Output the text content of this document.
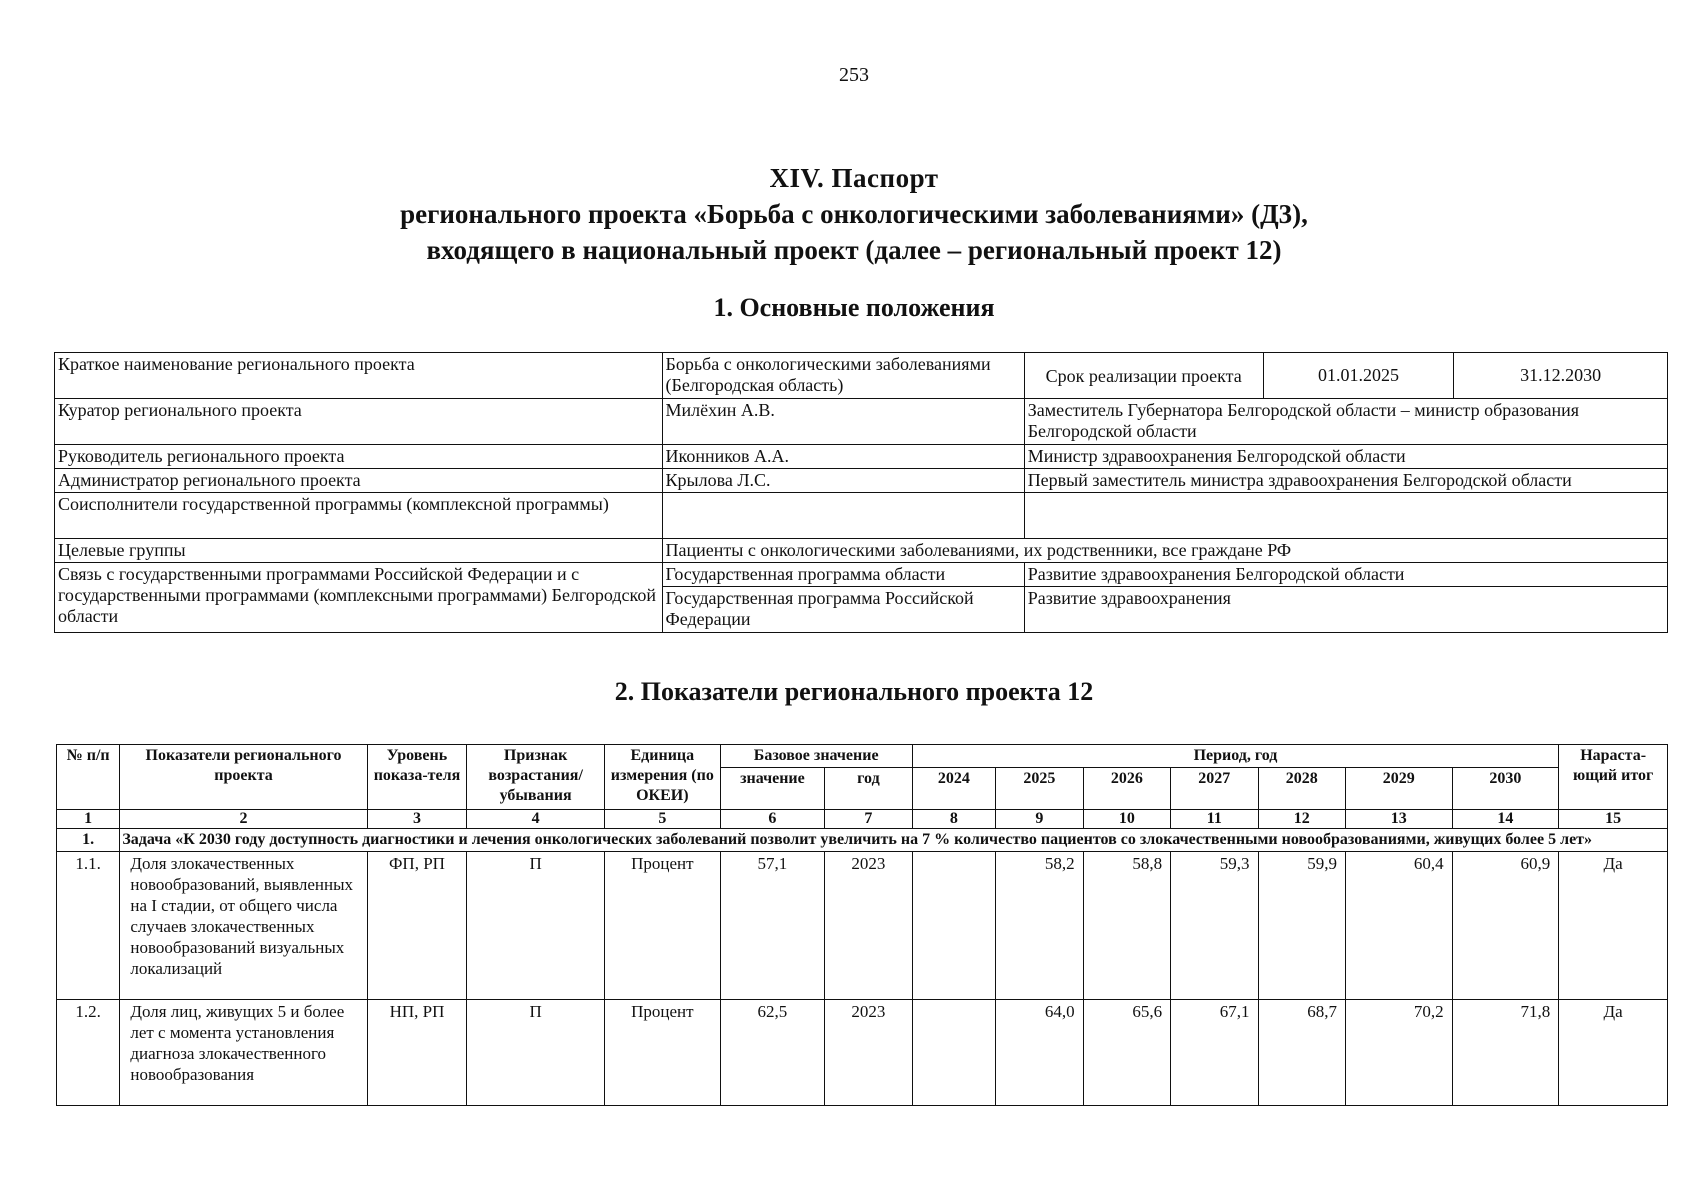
253
XIV. Паспорт
регионального проекта «Борьба с онкологическими заболеваниями» (Д3),
входящего в национальный проект (далее – региональный проект 12)
1. Основные положения
Краткое наименование регионального проекта	Борьба с онкологическими заболеваниями (Белгородская область)	Срок реализации проекта	01.01.2025	31.12.2030
Куратор регионального проекта	Милёхин А.В.	Заместитель Губернатора Белгородской области – министр образования Белгородской области		
Руководитель регионального проекта	Иконников А.А.	Министр здравоохранения Белгородской области		
Администратор регионального проекта	Крылова Л.С.	Первый заместитель министра здравоохранения Белгородской области		
Соисполнители государственной программы (комплексной программы)				
Целевые группы	Пациенты с онкологическими заболеваниями, их родственники, все граждане РФ			
Связь с государственными программами Российской Федерации и с государственными программами (комплексными программами) Белгородской области	Государственная программа области	Развитие здравоохранения Белгородской области		
	Государственная программа Российской Федерации	Развитие здравоохранения		
2. Показатели регионального проекта 12
№ п/п	Показатели регионального проекта	Уровень показа-теля	Признак возрастания/ убывания	Единица измерения (по ОКЕИ)	Базовое значение		Период, год							Нараста-ющий итог
					значение	год	2024	2025	2026	2027	2028	2029	2030	
1	2	3	4	5	6	7	8	9	10	11	12	13	14	15
1.	Задача «К 2030 году доступность диагностики и лечения онкологических заболеваний позволит увеличить на 7 % количество пациентов со злокачественными новообразованиями, живущих более 5 лет»													
1.1.	Доля злокачественных новообразований, выявленных на I стадии, от общего числа случаев злокачественных новообразований визуальных локализаций	ФП, РП	П	Процент	57,1	2023		58,2	58,8	59,3	59,9	60,4	60,9	Да
1.2.	Доля лиц, живущих 5 и более лет с момента установления диагноза злокачественного новообразования	НП, РП	П	Процент	62,5	2023		64,0	65,6	67,1	68,7	70,2	71,8	Да
